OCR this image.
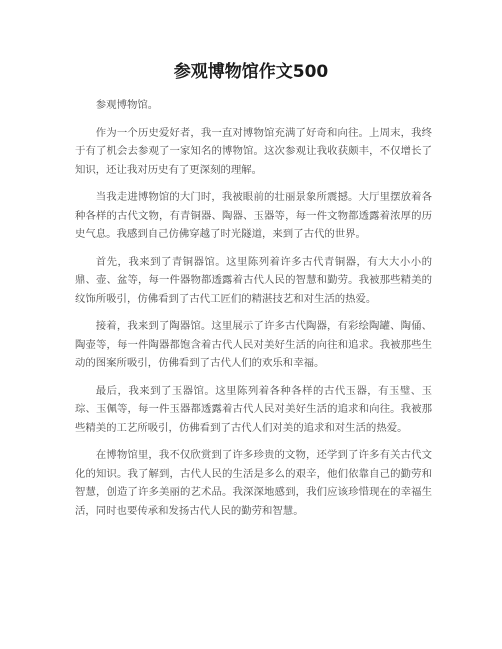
参观博物馆作文500

参观博物馆。

作为一个历史爱好者，我一直对博物馆充满了好奇和向往。上周末，我终于有了机会去参观了一家知名的博物馆。这次参观让我收获颇丰，不仅增长了知识，还让我对历史有了更深刻的理解。

当我走进博物馆的大门时，我被眼前的壮丽景象所震撼。大厅里摆放着各种各样的古代文物，有青铜器、陶器、玉器等，每一件文物都透露着浓厚的历史气息。我感到自己仿佛穿越了时光隧道，来到了古代的世界。

首先，我来到了青铜器馆。这里陈列着许多古代青铜器，有大大小小的鼎、壶、盆等，每一件器物都透露着古代人民的智慧和勤劳。我被那些精美的纹饰所吸引，仿佛看到了古代工匠们的精湛技艺和对生活的热爱。

接着，我来到了陶器馆。这里展示了许多古代陶器，有彩绘陶罐、陶俑、陶壶等，每一件陶器都饱含着古代人民对美好生活的向往和追求。我被那些生动的图案所吸引，仿佛看到了古代人们的欢乐和幸福。

最后，我来到了玉器馆。这里陈列着各种各样的古代玉器，有玉璧、玉琮、玉佩等，每一件玉器都透露着古代人民对美好生活的追求和向往。我被那些精美的工艺所吸引，仿佛看到了古代人们对美的追求和对生活的热爱。

在博物馆里，我不仅欣赏到了许多珍贵的文物，还学到了许多有关古代文化的知识。我了解到，古代人民的生活是多么的艰辛，他们依靠自己的勤劳和智慧，创造了许多美丽的艺术品。我深深地感到，我们应该珍惜现在的幸福生活，同时也要传承和发扬古代人民的勤劳和智慧。
